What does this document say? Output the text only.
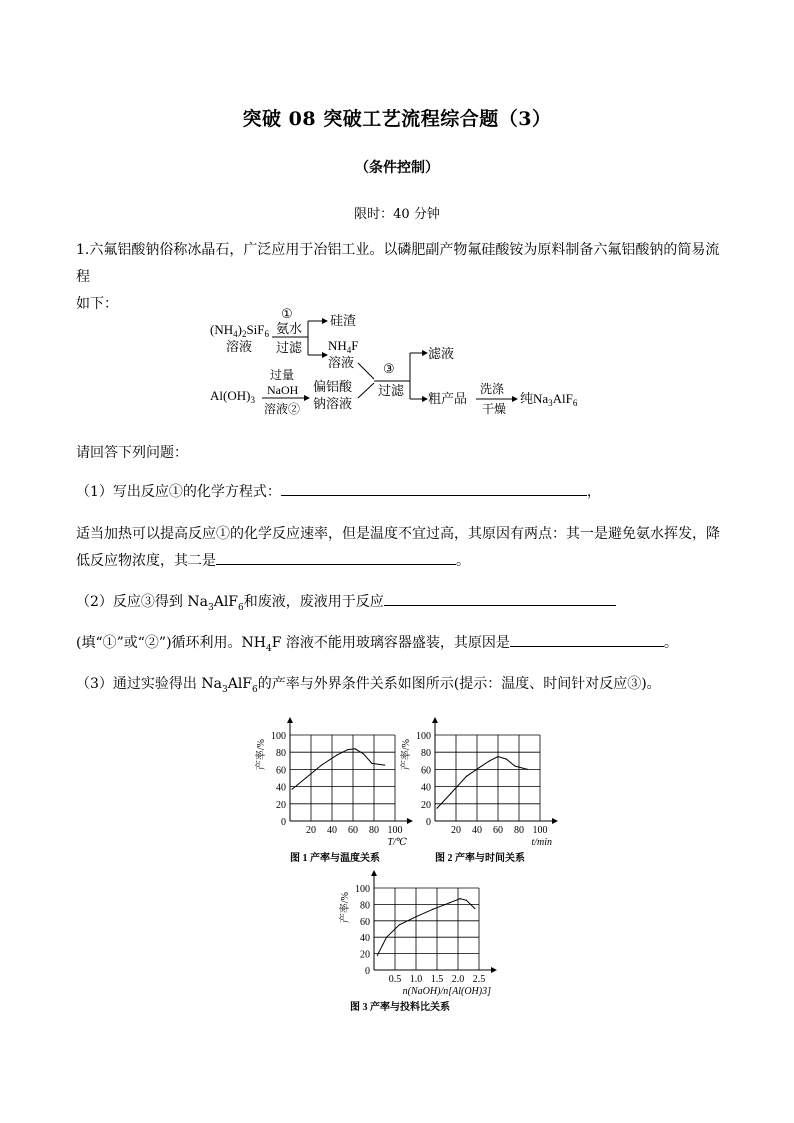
突破 08 突破工艺流程综合题（3）
（条件控制）
限时：40 分钟
1.六氟铝酸钠俗称冰晶石，广泛应用于冶铝工业。以磷肥副产物氟硅酸铵为原料制备六氟铝酸钠的简易流程
如下：
$(NH_4)_2SiF_6$
溶液
①
氨水
过滤
硅渣
$NH_4F$
溶液
$Al(OH)_3$
过量
NaOH
溶液②
偏铝酸
钠溶液
③
过滤
滤液
粗产品
洗涤
干燥
纯$Na_3AlF_6$
请回答下列问题：
（1）写出反应①的化学方程式：	，
适当加热可以提高反应①的化学反应速率，但是温度不宜过高，其原因有两点：其一是避免氨水挥发，降
低反应物浓度，其二是	。
（2）反应③得到 $Na_3AlF_6$和废液，废液用于反应
(填“①”或“②”)循环利用。$NH_4F$ 溶液不能用玻璃容器盛装，其原因是	。
（3）通过实验得出 $Na_3AlF_6$的产率与外界条件关系如图所示(提示：温度、时间针对反应③)。
0
20
40
60
80
100
20 40 60 80 100
产率/%
T/℃
图 1 产率与温度关系
0
20
40
60
80
100
20 40 60 80 100
产率/%
t/min
图 2 产率与时间关系
0
20
40
60
80
100
0.5 1.0 1.5 2.0 2.5
产率/%
n(NaOH)/n[Al(OH)3]
图 3 产率与投料比关系
